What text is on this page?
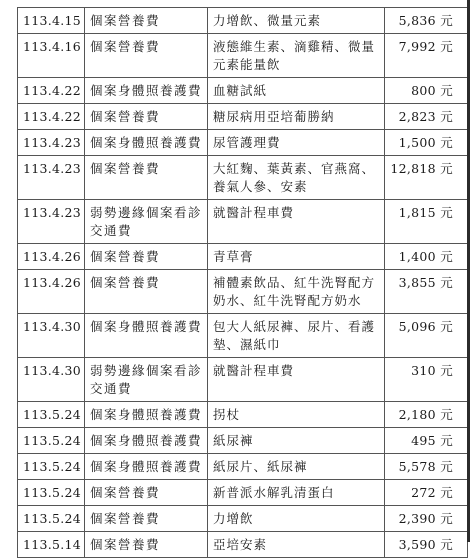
113.4.15	個案營養費	力增飲、微量元素	5,836 元
113.4.16	個案營養費	液態維生素、滴雞精、微量元素能量飲	7,992 元
113.4.22	個案身體照養護費	血糖試紙	800 元
113.4.22	個案營養費	糖尿病用亞培葡勝納	2,823 元
113.4.23	個案身體照養護費	尿管護理費	1,500 元
113.4.23	個案營養費	大紅麴、葉黃素、官燕窩、養氣人參、安素	12,818 元
113.4.23	弱勢邊緣個案看診交通費	就醫計程車費	1,815 元
113.4.26	個案營養費	青草膏	1,400 元
113.4.26	個案營養費	補體素飲品、紅牛洗腎配方奶水、紅牛洗腎配方奶水	3,855 元
113.4.30	個案身體照養護費	包大人紙尿褲、尿片、看護墊、濕紙巾	5,096 元
113.4.30	弱勢邊緣個案看診交通費	就醫計程車費	310 元
113.5.24	個案身體照養護費	拐杖	2,180 元
113.5.24	個案身體照養護費	紙尿褲	495 元
113.5.24	個案身體照養護費	紙尿片、紙尿褲	5,578 元
113.5.24	個案營養費	新普派水解乳清蛋白	272 元
113.5.24	個案營養費	力增飲	2,390 元
113.5.14	個案營養費	亞培安素	3,590 元
